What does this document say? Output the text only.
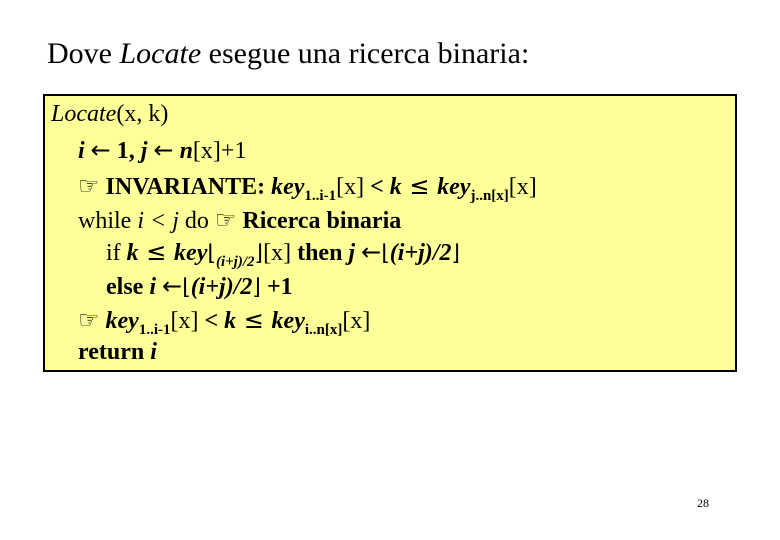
Dove Locate esegue una ricerca binaria:
Locate(x, k)
i ← 1, j ← n[x]+1
☞ INVARIANTE: key$_{1..i-1}$[x] < k ≤ key$_{j..n[x]}$[x]
while i < j do ☞ Ricerca binaria
if $k \le key⌊_{(i+j)/2}⌋[x]$ then j ←⌊(i+j)/2⌋
else i ←⌊(i+j)/2⌋ +1
☞ key$_{1..i-1}$[x] < k ≤ key$_{i..n[x]}$[x]
return i
28
